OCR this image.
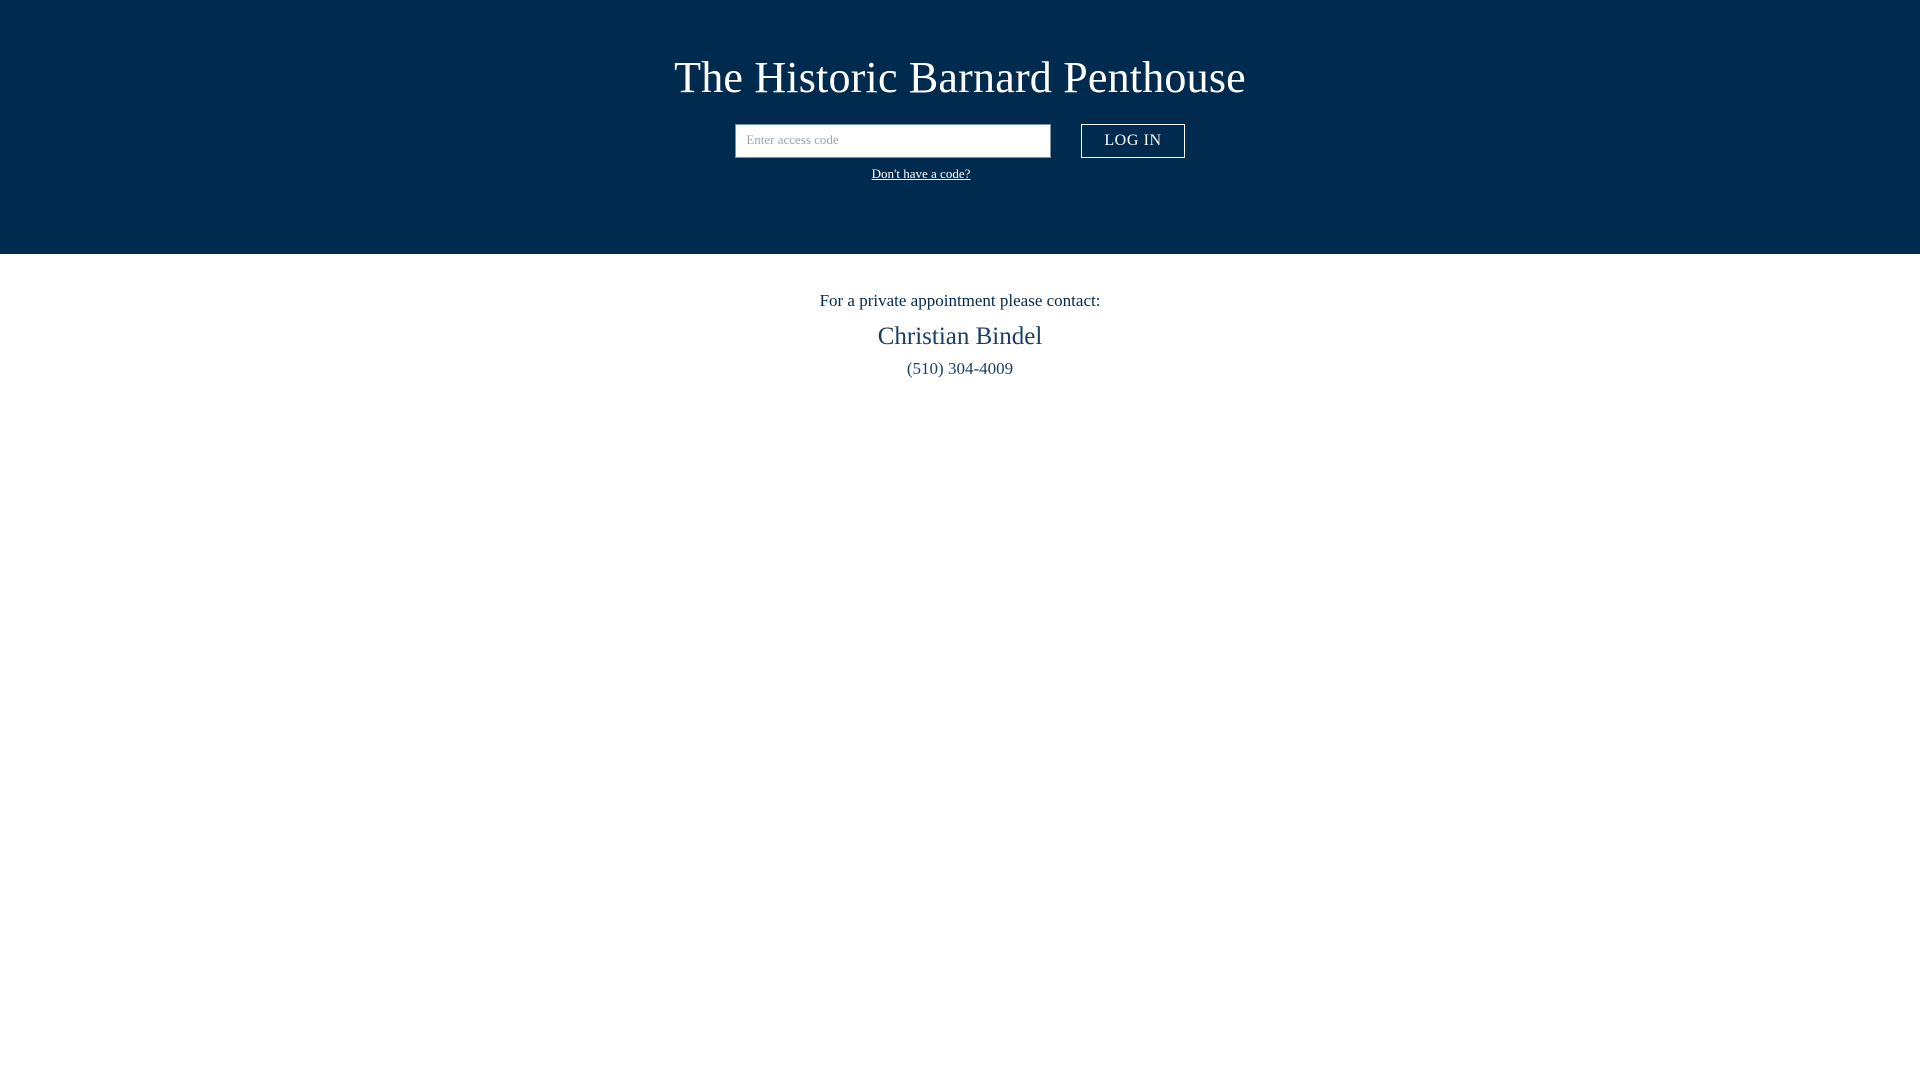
The Historic Barnard Penthouse
Enter access code
LOG IN
Don't have a code?

For a private appointment please contact:

Christian Bindel

(510) 304-4009
